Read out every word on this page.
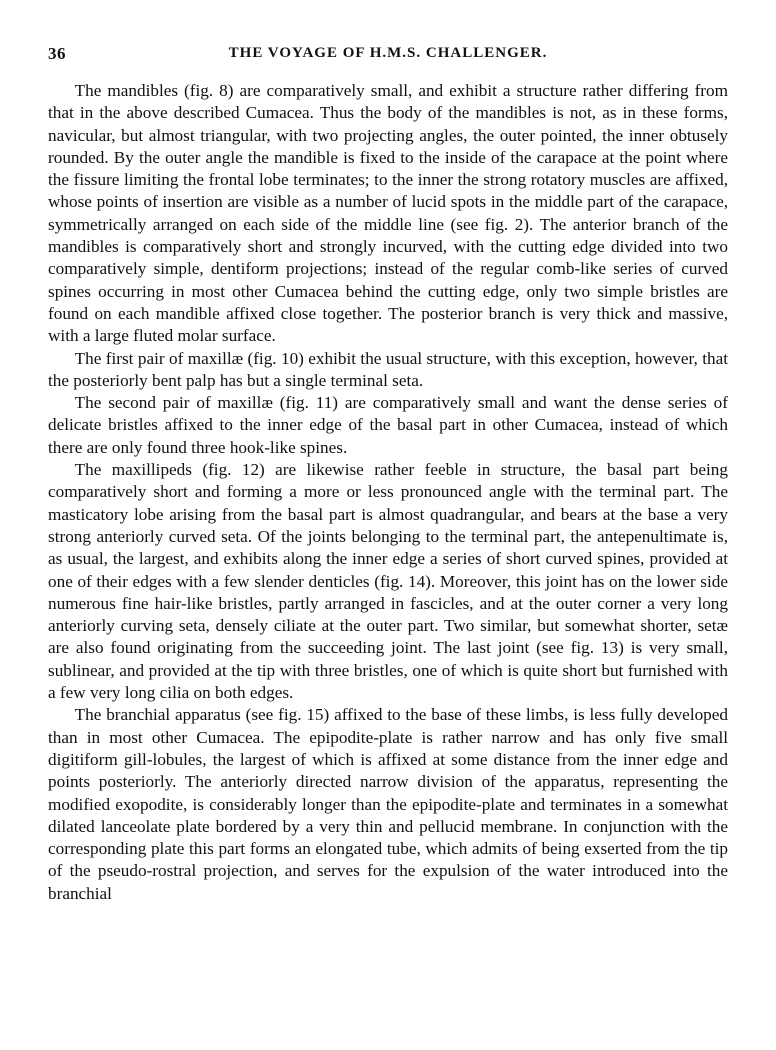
36	THE VOYAGE OF H.M.S. CHALLENGER.

The mandibles (fig. 8) are comparatively small, and exhibit a structure rather differing from that in the above described Cumacea. Thus the body of the mandibles is not, as in these forms, navicular, but almost triangular, with two projecting angles, the outer pointed, the inner obtusely rounded. By the outer angle the mandible is fixed to the inside of the carapace at the point where the fissure limiting the frontal lobe terminates; to the inner the strong rotatory muscles are affixed, whose points of insertion are visible as a number of lucid spots in the middle part of the carapace, symmetrically arranged on each side of the middle line (see fig. 2). The anterior branch of the mandibles is comparatively short and strongly incurved, with the cutting edge divided into two comparatively simple, dentiform projections; instead of the regular comb-like series of curved spines occurring in most other Cumacea behind the cutting edge, only two simple bristles are found on each mandible affixed close together. The posterior branch is very thick and massive, with a large fluted molar surface.

The first pair of maxillæ (fig. 10) exhibit the usual structure, with this exception, however, that the posteriorly bent palp has but a single terminal seta.

The second pair of maxillæ (fig. 11) are comparatively small and want the dense series of delicate bristles affixed to the inner edge of the basal part in other Cumacea, instead of which there are only found three hook-like spines.

The maxillipeds (fig. 12) are likewise rather feeble in structure, the basal part being comparatively short and forming a more or less pronounced angle with the terminal part. The masticatory lobe arising from the basal part is almost quadrangular, and bears at the base a very strong anteriorly curved seta. Of the joints belonging to the terminal part, the antepenultimate is, as usual, the largest, and exhibits along the inner edge a series of short curved spines, provided at one of their edges with a few slender denticles (fig. 14). Moreover, this joint has on the lower side numerous fine hair-like bristles, partly arranged in fascicles, and at the outer corner a very long anteriorly curving seta, densely ciliate at the outer part. Two similar, but somewhat shorter, setæ are also found originating from the succeeding joint. The last joint (see fig. 13) is very small, sublinear, and provided at the tip with three bristles, one of which is quite short but furnished with a few very long cilia on both edges.

The branchial apparatus (see fig. 15) affixed to the base of these limbs, is less fully developed than in most other Cumacea. The epipodite-plate is rather narrow and has only five small digitiform gill-lobules, the largest of which is affixed at some distance from the inner edge and points posteriorly. The anteriorly directed narrow division of the apparatus, representing the modified exopodite, is considerably longer than the epipodite-plate and terminates in a somewhat dilated lanceolate plate bordered by a very thin and pellucid membrane. In conjunction with the corresponding plate this part forms an elongated tube, which admits of being exserted from the tip of the pseudo-rostral projection, and serves for the expulsion of the water introduced into the branchial
